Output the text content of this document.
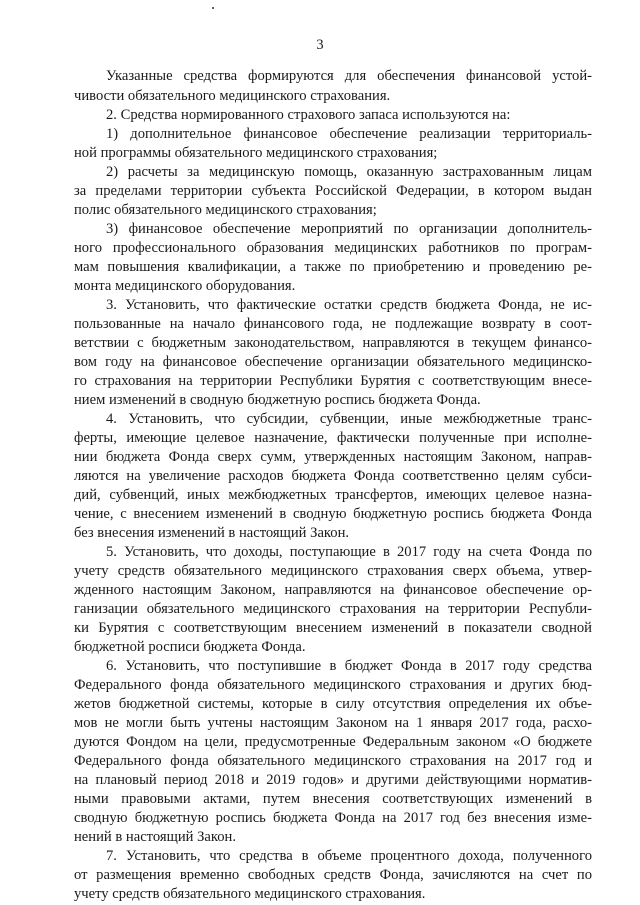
3
Указанные средства формируются для обеспечения финансовой устой-
чивости обязательного медицинского страхования.
2. Средства нормированного страхового запаса используются на:
1) дополнительное финансовое обеспечение реализации территориаль-
ной программы обязательного медицинского страхования;
2) расчеты за медицинскую помощь, оказанную застрахованным лицам
за пределами территории субъекта Российской Федерации, в котором выдан
полис обязательного медицинского страхования;
3) финансовое обеспечение мероприятий по организации дополнитель-
ного профессионального образования медицинских работников по програм-
мам повышения квалификации, а также по приобретению и проведению ре-
монта медицинского оборудования.
3. Установить, что фактические остатки средств бюджета Фонда, не ис-
пользованные на начало финансового года, не подлежащие возврату в соот-
ветствии с бюджетным законодательством, направляются в текущем финансо-
вом году на финансовое обеспечение организации обязательного медицинско-
го страхования на территории Республики Бурятия с соответствующим внесе-
нием изменений в сводную бюджетную роспись бюджета Фонда.
4. Установить, что субсидии, субвенции, иные межбюджетные транс-
ферты, имеющие целевое назначение, фактически полученные при исполне-
нии бюджета Фонда сверх сумм, утвержденных настоящим Законом, направ-
ляются на увеличение расходов бюджета Фонда соответственно целям субси-
дий, субвенций, иных межбюджетных трансфертов, имеющих целевое назна-
чение, с внесением изменений в сводную бюджетную роспись бюджета Фонда
без внесения изменений в настоящий Закон.
5. Установить, что доходы, поступающие в 2017 году на счета Фонда по
учету средств обязательного медицинского страхования сверх объема, утвер-
жденного настоящим Законом, направляются на финансовое обеспечение ор-
ганизации обязательного медицинского страхования на территории Республи-
ки Бурятия с соответствующим внесением изменений в показатели сводной
бюджетной росписи бюджета Фонда.
6. Установить, что поступившие в бюджет Фонда в 2017 году средства
Федерального фонда обязательного медицинского страхования и других бюд-
жетов бюджетной системы, которые в силу отсутствия определения их объе-
мов не могли быть учтены настоящим Законом на 1 января 2017 года, расхо-
дуются Фондом на цели, предусмотренные Федеральным законом «О бюджете
Федерального фонда обязательного медицинского страхования на 2017 год и
на плановый период 2018 и 2019 годов» и другими действующими норматив-
ными правовыми актами, путем внесения соответствующих изменений в
сводную бюджетную роспись бюджета Фонда на 2017 год без внесения изме-
нений в настоящий Закон.
7. Установить, что средства в объеме процентного дохода, полученного
от размещения временно свободных средств Фонда, зачисляются на счет по
учету средств обязательного медицинского страхования.
